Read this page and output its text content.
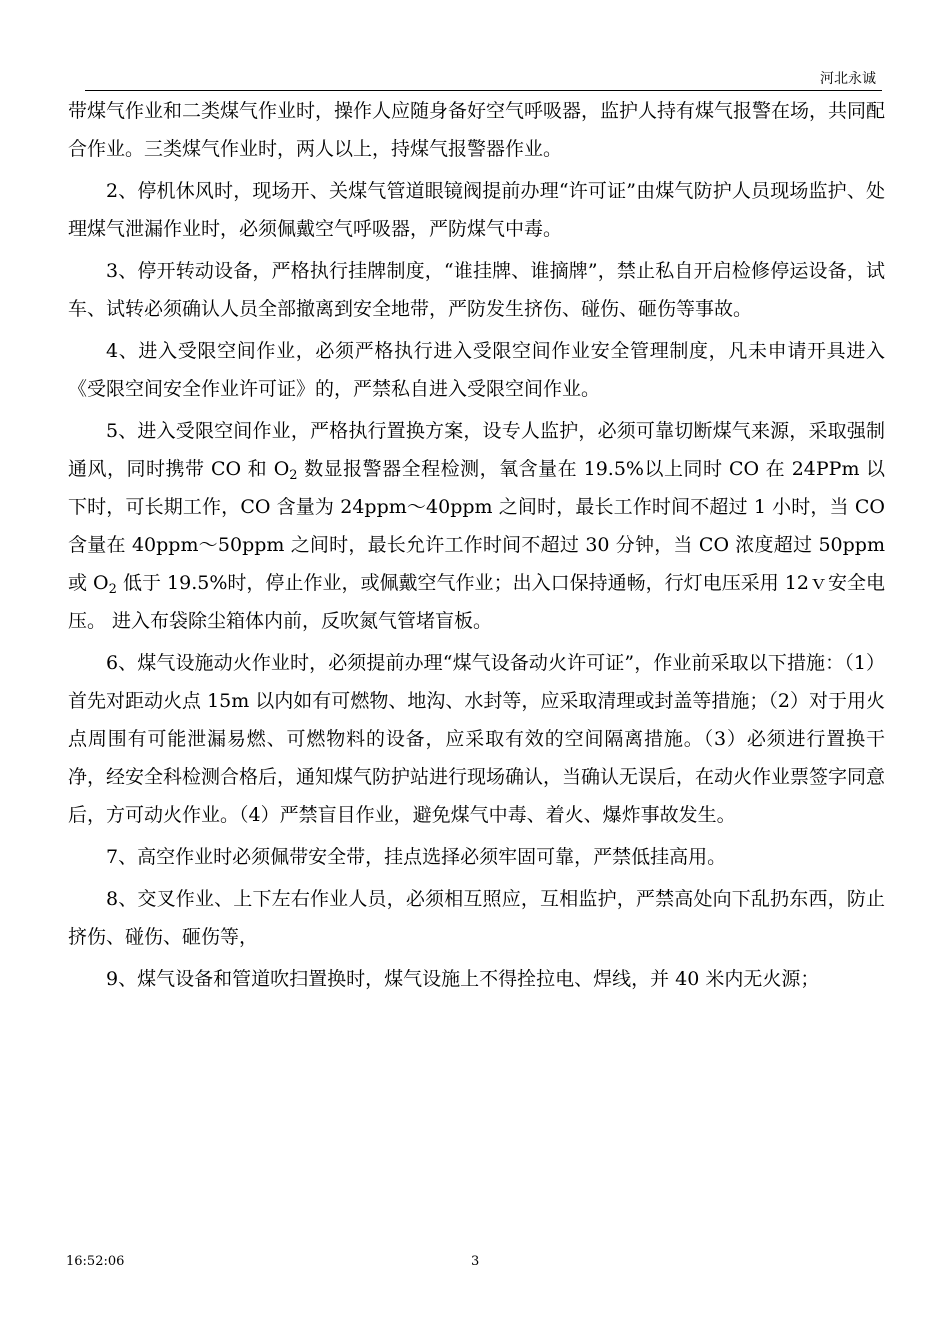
河北永诚

带煤气作业和二类煤气作业时，操作人应随身备好空气呼吸器，监护人持有煤气报警在场，共同配合作业。三类煤气作业时，两人以上，持煤气报警器作业。

2、停机休风时，现场开、关煤气管道眼镜阀提前办理“许可证”由煤气防护人员现场监护、处理煤气泄漏作业时，必须佩戴空气呼吸器，严防煤气中毒。

3、停开转动设备，严格执行挂牌制度，“谁挂牌、谁摘牌”，禁止私自开启检修停运设备，试车、试转必须确认人员全部撤离到安全地带，严防发生挤伤、碰伤、砸伤等事故。

4、进入受限空间作业，必须严格执行进入受限空间作业安全管理制度，凡未申请开具进入《受限空间安全作业许可证》的，严禁私自进入受限空间作业。

5、进入受限空间作业，严格执行置换方案，设专人监护，必须可靠切断煤气来源，采取强制通风，同时携带 CO 和 $O_2$ 数显报警器全程检测，氧含量在 19.5%以上同时 CO 在 24PPm 以下时，可长期工作，CO 含量为 24ppm～40ppm 之间时，最长工作时间不超过 1 小时，当 CO 含量在 40ppm～50ppm 之间时，最长允许工作时间不超过 30 分钟，当 CO 浓度超过 50ppm 或 $O_2$ 低于 19.5%时，停止作业，或佩戴空气作业；出入口保持通畅，行灯电压采用 12ｖ安全电压。 进入布袋除尘箱体内前，反吹氮气管堵盲板。

6、煤气设施动火作业时，必须提前办理“煤气设备动火许可证”，作业前采取以下措施：（1）首先对距动火点 15m 以内如有可燃物、地沟、水封等，应采取清理或封盖等措施；（2）对于用火点周围有可能泄漏易燃、可燃物料的设备，应采取有效的空间隔离措施。（3）必须进行置换干净，经安全科检测合格后，通知煤气防护站进行现场确认，当确认无误后，在动火作业票签字同意后，方可动火作业。（4）严禁盲目作业，避免煤气中毒、着火、爆炸事故发生。

7、高空作业时必须佩带安全带，挂点选择必须牢固可靠，严禁低挂高用。

8、交叉作业、上下左右作业人员，必须相互照应，互相监护，严禁高处向下乱扔东西，防止挤伤、碰伤、砸伤等，

9、煤气设备和管道吹扫置换时，煤气设施上不得拴拉电、焊线，并 40 米内无火源；

16:52:06	3
